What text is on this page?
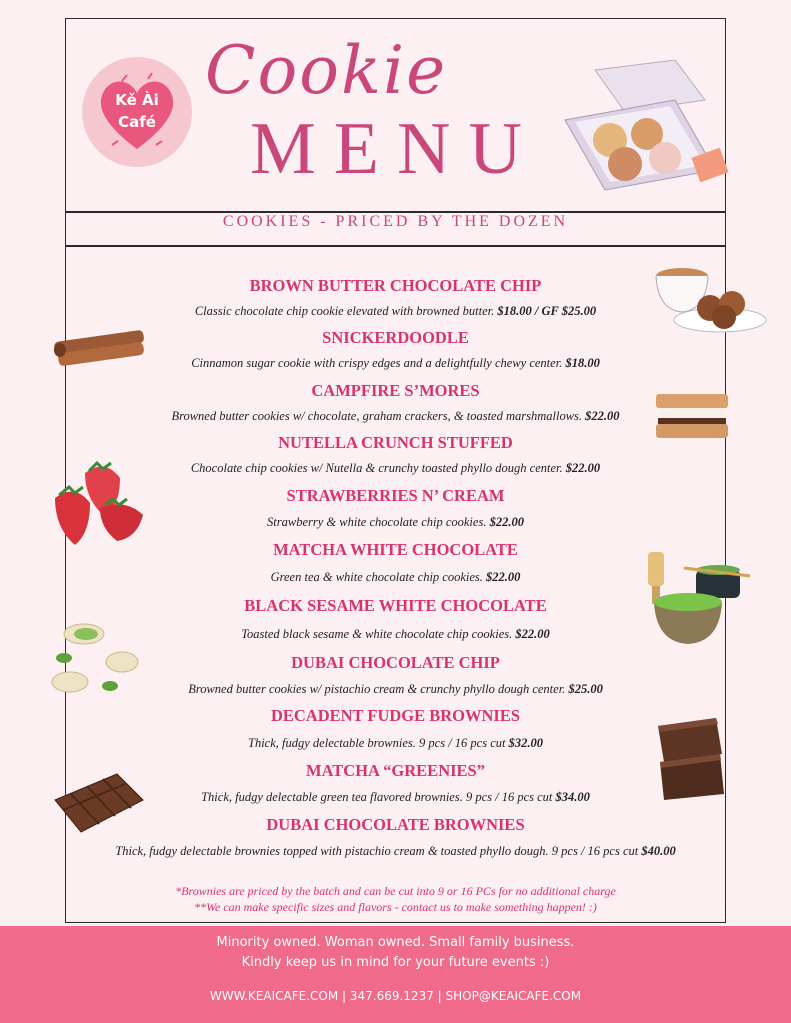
Kě Ài
Café
Cookie
MENU
COOKIES - PRICED BY THE DOZEN
BROWN BUTTER CHOCOLATE CHIP
Classic chocolate chip cookie elevated with browned butter. $18.00 / GF $25.00
SNICKERDOODLE
Cinnamon sugar cookie with crispy edges and a delightfully chewy center. $18.00
CAMPFIRE S’MORES
Browned butter cookies w/ chocolate, graham crackers, & toasted marshmallows. $22.00
NUTELLA CRUNCH STUFFED
Chocolate chip cookies w/ Nutella & crunchy toasted phyllo dough center. $22.00
STRAWBERRIES N’ CREAM
Strawberry & white chocolate chip cookies. $22.00
MATCHA WHITE CHOCOLATE
Green tea & white chocolate chip cookies. $22.00
BLACK SESAME WHITE CHOCOLATE
Toasted black sesame & white chocolate chip cookies. $22.00
DUBAI CHOCOLATE CHIP
Browned butter cookies w/ pistachio cream & crunchy phyllo dough center. $25.00
DECADENT FUDGE BROWNIES
Thick, fudgy delectable brownies. 9 pcs / 16 pcs cut $32.00
MATCHA “GREENIES”
Thick, fudgy delectable green tea flavored brownies. 9 pcs / 16 pcs cut $34.00
DUBAI CHOCOLATE BROWNIES
Thick, fudgy delectable brownies topped with pistachio cream & toasted phyllo dough. 9 pcs / 16 pcs cut $40.00
*Brownies are priced by the batch and can be cut into 9 or 16 PCs for no additional charge
**We can make specific sizes and flavors - contact us to make something happen! :)
Minority owned. Woman owned. Small family business.
Kindly keep us in mind for your future events :)
WWW.KEAICAFE.COM | 347.669.1237 | SHOP@KEAICAFE.COM
